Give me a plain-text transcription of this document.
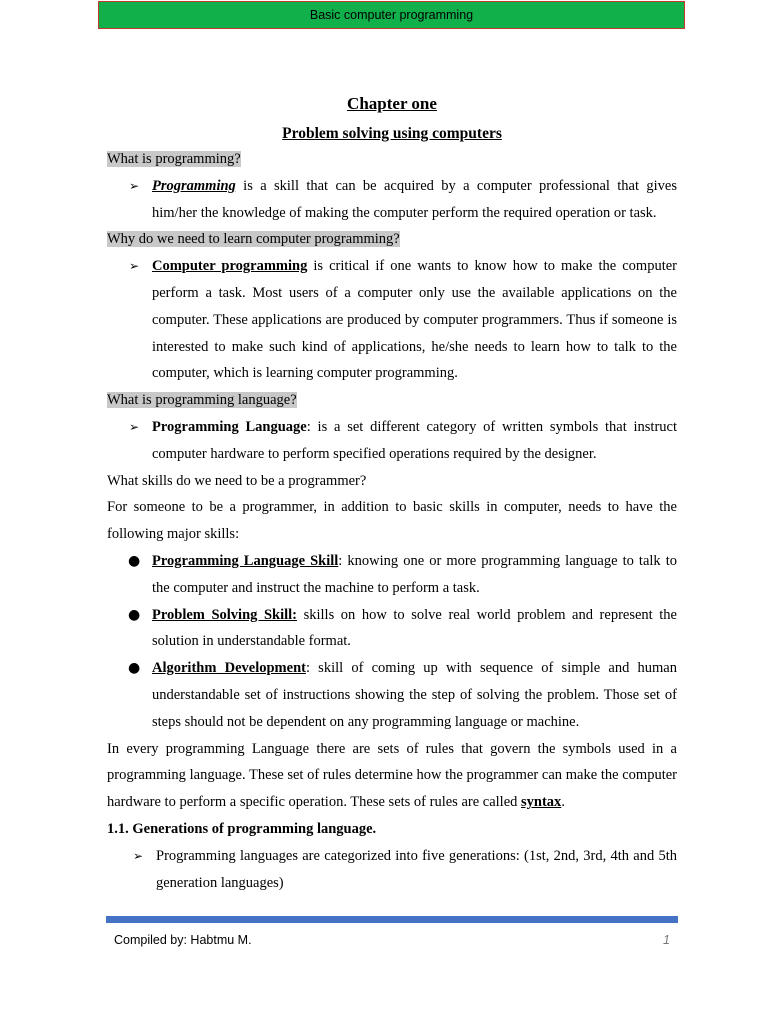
Basic computer programming

Chapter one

Problem solving using computers

What is programming?

➢ Programming is a skill that can be acquired by a computer professional that gives him/her the knowledge of making the computer perform the required operation or task.

Why do we need to learn computer programming?

➢ Computer programming is critical if one wants to know how to make the computer perform a task. Most users of a computer only use the available applications on the computer. These applications are produced by computer programmers. Thus if someone is interested to make such kind of applications, he/she needs to learn how to talk to the computer, which is learning computer programming.

What is programming language?

➢ Programming Language: is a set different category of written symbols that instruct computer hardware to perform specified operations required by the designer.

What skills do we need to be a programmer?

For someone to be a programmer, in addition to basic skills in computer, needs to have the following major skills:

● Programming Language Skill: knowing one or more programming language to talk to the computer and instruct the machine to perform a task.

● Problem Solving Skill: skills on how to solve real world problem and represent the solution in understandable format.

● Algorithm Development: skill of coming up with sequence of simple and human understandable set of instructions showing the step of solving the problem. Those set of steps should not be dependent on any programming language or machine.

In every programming Language there are sets of rules that govern the symbols used in a programming language. These set of rules determine how the programmer can make the computer hardware to perform a specific operation. These sets of rules are called syntax.

1.1. Generations of programming language.

➢ Programming languages are categorized into five generations: (1st, 2nd, 3rd, 4th and 5th generation languages)

Compiled by: Habtmu M.	1
